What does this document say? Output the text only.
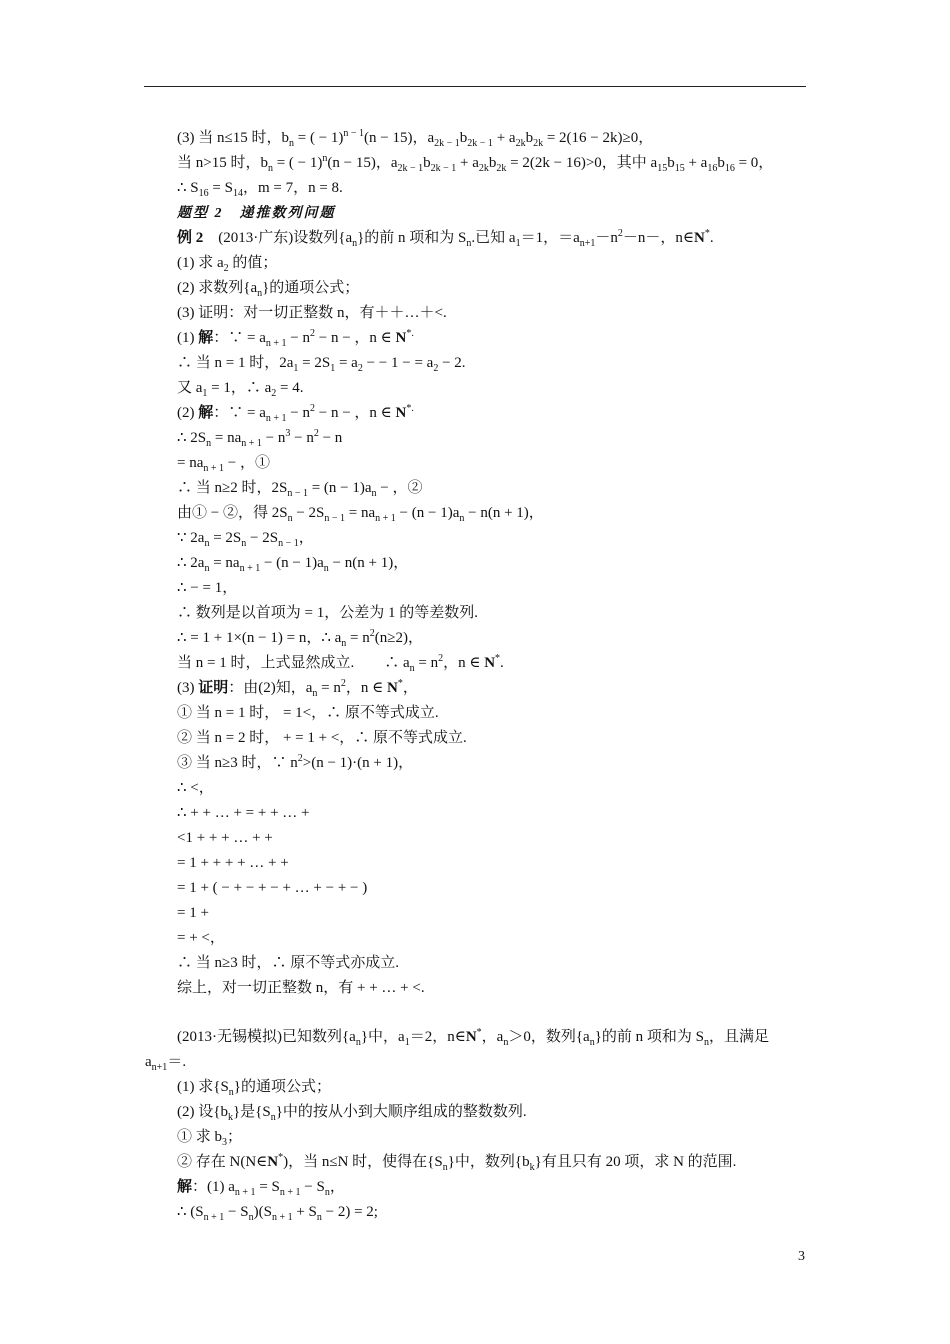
(3) 当 n≤15 时，$b_n$ = ( − 1)$^{n - 1}$(n − 15)，$a_{2k - 1}b_{2k - 1} + a_{2k}b_{2k} = 2(16 - 2k)\ge 0$，
当 n>15 时，$b_n$ = ( − 1)$^n$(n − 15)，$a_{2k - 1}b_{2k - 1} + a_{2k}b_{2k} = 2(2k - 16)>0$，其中 $a_{15}b_{15} + a_{16}b_{16} = 0$，
∴ $S_{16} = S_{14}$，m = 7，n = 8.
题型 2　递推数列问题
例 2　(2013·广东)设数列$\{a_n\}$的前 n 项和为 $S_n$.已知 $a_1=1$，$=a_{n+1}-n^2-n-$，n∈N*.
(1) 求 $a_2$ 的值；
(2) 求数列$\{a_n\}$的通项公式；
(3) 证明：对一切正整数 n，有＋＋…＋<.
(1) 解：∵ = $a_{n + 1} - n^2 - n$ − ，n ∈ N*.
∴ 当 n = 1 时，$2a_1 = 2S_1 = a_2$ − − 1 − = $a_2 - 2$.
又 $a_1 = 1$，∴ $a_2 = 4$.
(2) 解：∵ = $a_{n + 1} - n^2 - n$ − ，n ∈ N*.
∴ $2S_n = na_{n + 1} - n^3 - n^2 - n$
= $na_{n + 1}$ − ，①
∴ 当 n≥2 时，$2S_{n - 1} = (n - 1)a_n$ − ，②
由① − ②，得 $2S_n - 2S_{n - 1} = na_{n + 1} - (n - 1)a_n - n(n + 1)$，
∵ $2a_n = 2S_n - 2S_{n - 1}$，
∴ $2a_n = na_{n + 1} - (n - 1)a_n - n(n + 1)$，
∴ − = 1，
∴ 数列是以首项为 = 1，公差为 1 的等差数列.
∴ = 1 + 1×(n − 1) = n，∴ $a_n = n^2(n\ge 2)$，
当 n = 1 时，上式显然成立.　　∴ $a_n = n^2$，n ∈ N*.
(3) 证明：由(2)知，$a_n = n^2$，n ∈ N*，
① 当 n = 1 时， = 1<，∴ 原不等式成立.
② 当 n = 2 时， + = 1 + <，∴ 原不等式成立.
③ 当 n≥3 时，∵ $n^2>(n - 1)\cdot(n + 1)$，
∴ <，
∴ + + … + = + + … +
<1 + + + … + +
= 1 + + + + … + +
= 1 + ( − + − + − + … + − + − )
= 1 +
= + <，
∴ 当 n≥3 时，∴ 原不等式亦成立.
综上，对一切正整数 n，有 + + … + <.
(2013·无锡模拟)已知数列$\{a_n\}$中，$a_1=2$，n∈N*，$a_n>0$，数列$\{a_n\}$的前 n 项和为 $S_n$，且满足
$a_{n+1}=$.
(1) 求$\{S_n\}$的通项公式；
(2) 设$\{b_k\}$是$\{S_n\}$中的按从小到大顺序组成的整数数列.
① 求 $b_3$；
② 存在 N(N∈N*)，当 n≤N 时，使得在$\{S_n\}$中，数列$\{b_k\}$有且只有 20 项，求 N 的范围.
解：(1) $a_{n + 1} = S_{n + 1} - S_n$，
∴ $(S_{n + 1} - S_n)(S_{n + 1} + S_n - 2) = 2$;
3
